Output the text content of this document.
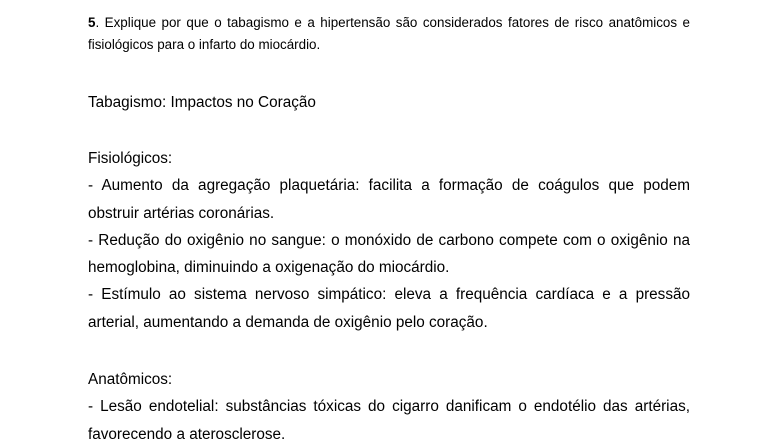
5. Explique por que o tabagismo e a hipertensão são considerados fatores de risco anatômicos e fisiológicos para o infarto do miocárdio.
Tabagismo: Impactos no Coração
Fisiológicos:
- Aumento da agregação plaquetária: facilita a formação de coágulos que podem obstruir artérias coronárias.
- Redução do oxigênio no sangue: o monóxido de carbono compete com o oxigênio na hemoglobina, diminuindo a oxigenação do miocárdio.
- Estímulo ao sistema nervoso simpático: eleva a frequência cardíaca e a pressão arterial, aumentando a demanda de oxigênio pelo coração.
Anatômicos:
- Lesão endotelial: substâncias tóxicas do cigarro danificam o endotélio das artérias, favorecendo a aterosclerose.
